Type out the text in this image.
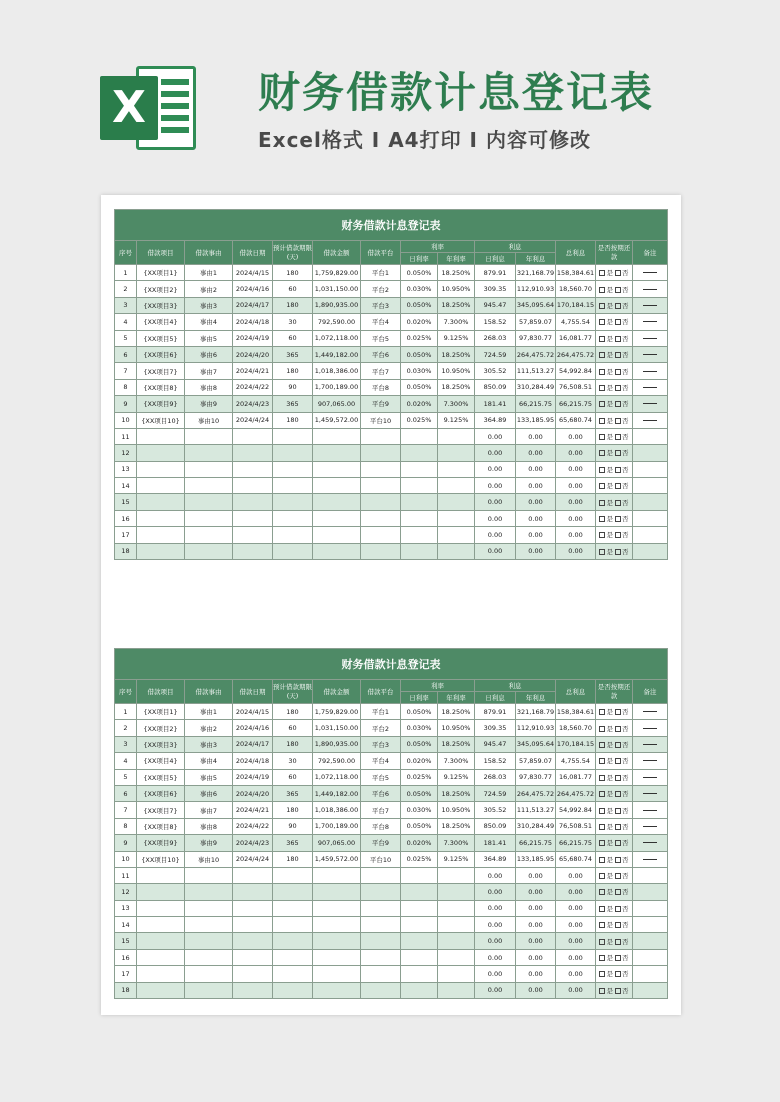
X	财务借款计息登记表
Excel格式 I A4打印 I 内容可修改
财务借款计息登记表													
序号	借款项目	借款事由	借款日期	预计借款期限(天)	借款金额	借款平台	利率		利息		总利息	是否按期还款	备注
							日利率	年利率	日利息	年利息			
1	{XX项目1}	事由1	2024/4/15	180	1,759,829.00	平台1	0.050%	18.250%	879.91	321,168.79	158,384.61	是 否	
2	{XX项目2}	事由2	2024/4/16	60	1,031,150.00	平台2	0.030%	10.950%	309.35	112,910.93	18,560.70	是 否	
3	{XX项目3}	事由3	2024/4/17	180	1,890,935.00	平台3	0.050%	18.250%	945.47	345,095.64	170,184.15	是 否	
4	{XX项目4}	事由4	2024/4/18	30	792,590.00	平台4	0.020%	7.300%	158.52	57,859.07	4,755.54	是 否	
5	{XX项目5}	事由5	2024/4/19	60	1,072,118.00	平台5	0.025%	9.125%	268.03	97,830.77	16,081.77	是 否	
6	{XX项目6}	事由6	2024/4/20	365	1,449,182.00	平台6	0.050%	18.250%	724.59	264,475.72	264,475.72	是 否	
7	{XX项目7}	事由7	2024/4/21	180	1,018,386.00	平台7	0.030%	10.950%	305.52	111,513.27	54,992.84	是 否	
8	{XX项目8}	事由8	2024/4/22	90	1,700,189.00	平台8	0.050%	18.250%	850.09	310,284.49	76,508.51	是 否	
9	{XX项目9}	事由9	2024/4/23	365	907,065.00	平台9	0.020%	7.300%	181.41	66,215.75	66,215.75	是 否	
10	{XX项目10}	事由10	2024/4/24	180	1,459,572.00	平台10	0.025%	9.125%	364.89	133,185.95	65,680.74	是 否	
11									0.00	0.00	0.00	是 否	
12									0.00	0.00	0.00	是 否	
13									0.00	0.00	0.00	是 否	
14									0.00	0.00	0.00	是 否	
15									0.00	0.00	0.00	是 否	
16									0.00	0.00	0.00	是 否	
17									0.00	0.00	0.00	是 否	
18									0.00	0.00	0.00	是 否	
财务借款计息登记表													
序号	借款项目	借款事由	借款日期	预计借款期限(天)	借款金额	借款平台	利率		利息		总利息	是否按期还款	备注
							日利率	年利率	日利息	年利息			
1	{XX项目1}	事由1	2024/4/15	180	1,759,829.00	平台1	0.050%	18.250%	879.91	321,168.79	158,384.61	是 否	
2	{XX项目2}	事由2	2024/4/16	60	1,031,150.00	平台2	0.030%	10.950%	309.35	112,910.93	18,560.70	是 否	
3	{XX项目3}	事由3	2024/4/17	180	1,890,935.00	平台3	0.050%	18.250%	945.47	345,095.64	170,184.15	是 否	
4	{XX项目4}	事由4	2024/4/18	30	792,590.00	平台4	0.020%	7.300%	158.52	57,859.07	4,755.54	是 否	
5	{XX项目5}	事由5	2024/4/19	60	1,072,118.00	平台5	0.025%	9.125%	268.03	97,830.77	16,081.77	是 否	
6	{XX项目6}	事由6	2024/4/20	365	1,449,182.00	平台6	0.050%	18.250%	724.59	264,475.72	264,475.72	是 否	
7	{XX项目7}	事由7	2024/4/21	180	1,018,386.00	平台7	0.030%	10.950%	305.52	111,513.27	54,992.84	是 否	
8	{XX项目8}	事由8	2024/4/22	90	1,700,189.00	平台8	0.050%	18.250%	850.09	310,284.49	76,508.51	是 否	
9	{XX项目9}	事由9	2024/4/23	365	907,065.00	平台9	0.020%	7.300%	181.41	66,215.75	66,215.75	是 否	
10	{XX项目10}	事由10	2024/4/24	180	1,459,572.00	平台10	0.025%	9.125%	364.89	133,185.95	65,680.74	是 否	
11									0.00	0.00	0.00	是 否	
12									0.00	0.00	0.00	是 否	
13									0.00	0.00	0.00	是 否	
14									0.00	0.00	0.00	是 否	
15									0.00	0.00	0.00	是 否	
16									0.00	0.00	0.00	是 否	
17									0.00	0.00	0.00	是 否	
18									0.00	0.00	0.00	是 否	
